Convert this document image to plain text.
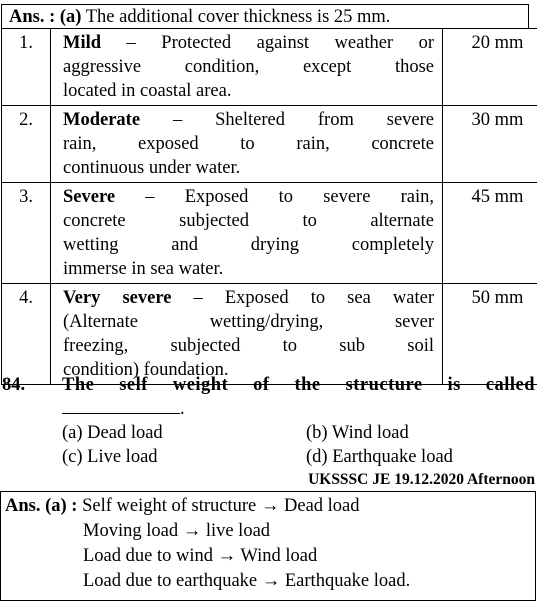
Ans. : (a) The additional cover thickness is 25 mm.
1.	Mild – Protected against weather or
aggressive condition, except those
located in coastal area.	20 mm
2.	Moderate – Sheltered from severe
rain, exposed to rain, concrete
continuous under water.	30 mm
3.	Severe – Exposed to severe rain,
concrete subjected to alternate
wetting and drying completely
immerse in sea water.	45 mm
4.	Very severe – Exposed to sea water
(Alternate wetting/drying, sever
freezing, subjected to sub soil
condition) foundation.	50 mm
84. The self weight of the structure is called
.
(a) Dead load	(b) Wind load
(c) Live load	(d) Earthquake load
UKSSSC JE 19.12.2020 Afternoon
Ans. (a) : Self weight of structure → Dead load
Moving load → live load
Load due to wind → Wind load
Load due to earthquake → Earthquake load.
